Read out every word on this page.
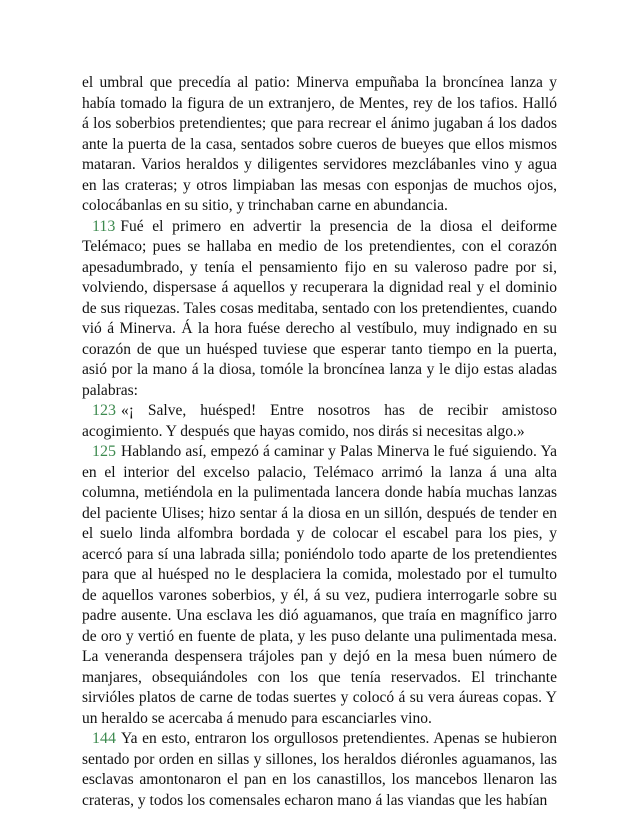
el umbral que precedía al patio: Minerva empuñaba la broncínea lanza y había tomado la figura de un extranjero, de Mentes, rey de los tafios. Halló á los soberbios pretendientes; que para recrear el ánimo jugaban á los dados ante la puerta de la casa, sentados sobre cueros de bueyes que ellos mismos mataran. Varios heraldos y diligentes servidores mezclábanles vino y agua en las crateras; y otros limpiaban las mesas con esponjas de muchos ojos, colocábanlas en su sitio, y trinchaban carne en abundancia.

113 Fué el primero en advertir la presencia de la diosa el deiforme Telémaco; pues se hallaba en medio de los pretendientes, con el corazón apesadumbrado, y tenía el pensamiento fijo en su valeroso padre por si, volviendo, dispersase á aquellos y recuperara la dignidad real y el dominio de sus riquezas. Tales cosas meditaba, sentado con los pretendientes, cuando vió á Minerva. Á la hora fuése derecho al vestíbulo, muy indignado en su corazón de que un huésped tuviese que esperar tanto tiempo en la puerta, asió por la mano á la diosa, tomóle la broncínea lanza y le dijo estas aladas palabras:

123 «¡ Salve, huésped! Entre nosotros has de recibir amistoso acogimiento. Y después que hayas comido, nos dirás si necesitas algo.»

125 Hablando así, empezó á caminar y Palas Minerva le fué siguiendo. Ya en el interior del excelso palacio, Telémaco arrimó la lanza á una alta columna, metiéndola en la pulimentada lancera donde había muchas lanzas del paciente Ulises; hizo sentar á la diosa en un sillón, después de tender en el suelo linda alfombra bordada y de colocar el escabel para los pies, y acercó para sí una labrada silla; poniéndolo todo aparte de los pretendientes para que al huésped no le desplaciera la comida, molestado por el tumulto de aquellos varones soberbios, y él, á su vez, pudiera interrogarle sobre su padre ausente. Una esclava les dió aguamanos, que traía en magnífico jarro de oro y vertió en fuente de plata, y les puso delante una pulimentada mesa. La veneranda despensera trájoles pan y dejó en la mesa buen número de manjares, obsequiándoles con los que tenía reservados. El trinchante sirvióles platos de carne de todas suertes y colocó á su vera áureas copas. Y un heraldo se acercaba á menudo para escanciarles vino.

144 Ya en esto, entraron los orgullosos pretendientes. Apenas se hubieron sentado por orden en sillas y sillones, los heraldos diéronles aguamanos, las esclavas amontonaron el pan en los canastillos, los mancebos llenaron las crateras, y todos los comensales echaron mano á las viandas que les habían
